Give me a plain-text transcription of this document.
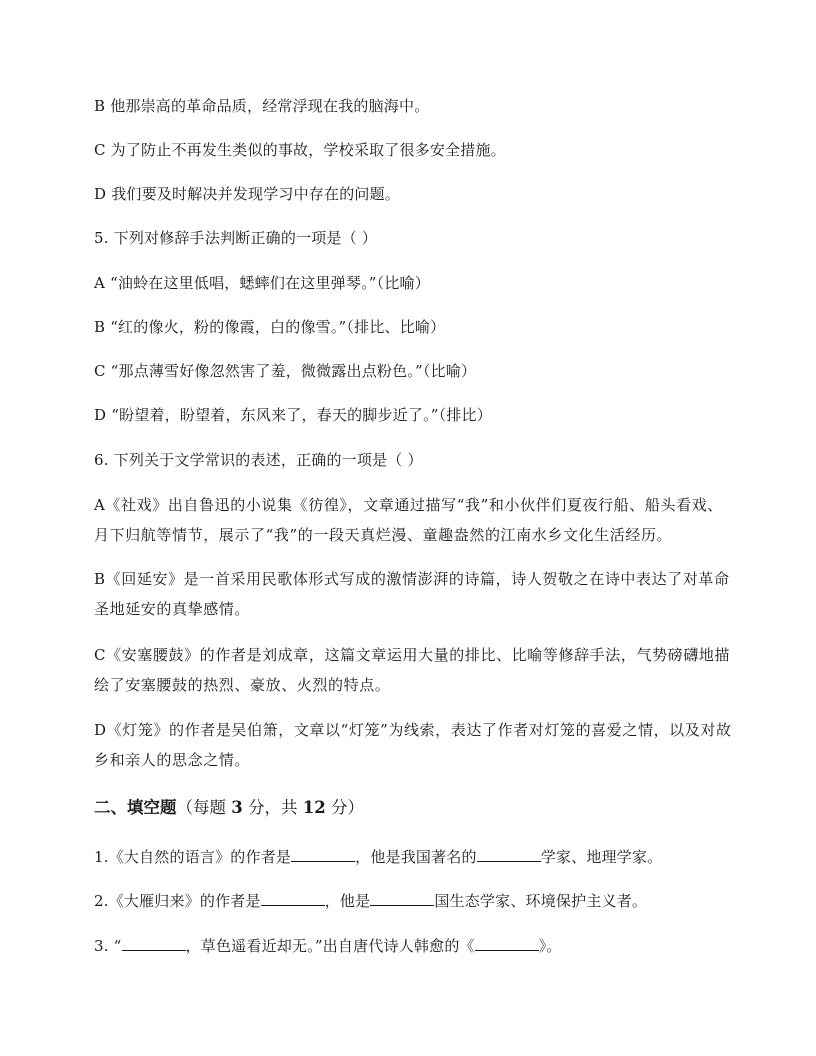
B 他那崇高的革命品质，经常浮现在我的脑海中。
C 为了防止不再发生类似的事故，学校采取了很多安全措施。
D 我们要及时解决并发现学习中存在的问题。
5. 下列对修辞手法判断正确的一项是（ ）
A “油蛉在这里低唱，蟋蟀们在这里弹琴。”（比喻）
B “红的像火，粉的像霞，白的像雪。”（排比、比喻）
C “那点薄雪好像忽然害了羞，微微露出点粉色。”（比喻）
D “盼望着，盼望着，东风来了，春天的脚步近了。”（排比）
6. 下列关于文学常识的表述，正确的一项是（ ）
A《社戏》出自鲁迅的小说集《彷徨》，文章通过描写“我”和小伙伴们夏夜行船、船头看戏、月下归航等情节，展示了“我”的一段天真烂漫、童趣盎然的江南水乡文化生活经历。
B《回延安》是一首采用民歌体形式写成的激情澎湃的诗篇，诗人贺敬之在诗中表达了对革命圣地延安的真挚感情。
C《安塞腰鼓》的作者是刘成章，这篇文章运用大量的排比、比喻等修辞手法，气势磅礴地描绘了安塞腰鼓的热烈、豪放、火烈的特点。
D《灯笼》的作者是吴伯箫，文章以“灯笼”为线索，表达了作者对灯笼的喜爱之情，以及对故乡和亲人的思念之情。
二、填空题（每题 3 分，共 12 分）
1.《大自然的语言》的作者是	，他是我国著名的	学家、地理学家。
2.《大雁归来》的作者是	，他是	国生态学家、环境保护主义者。
3. “	，草色遥看近却无。”出自唐代诗人韩愈的《	》。
